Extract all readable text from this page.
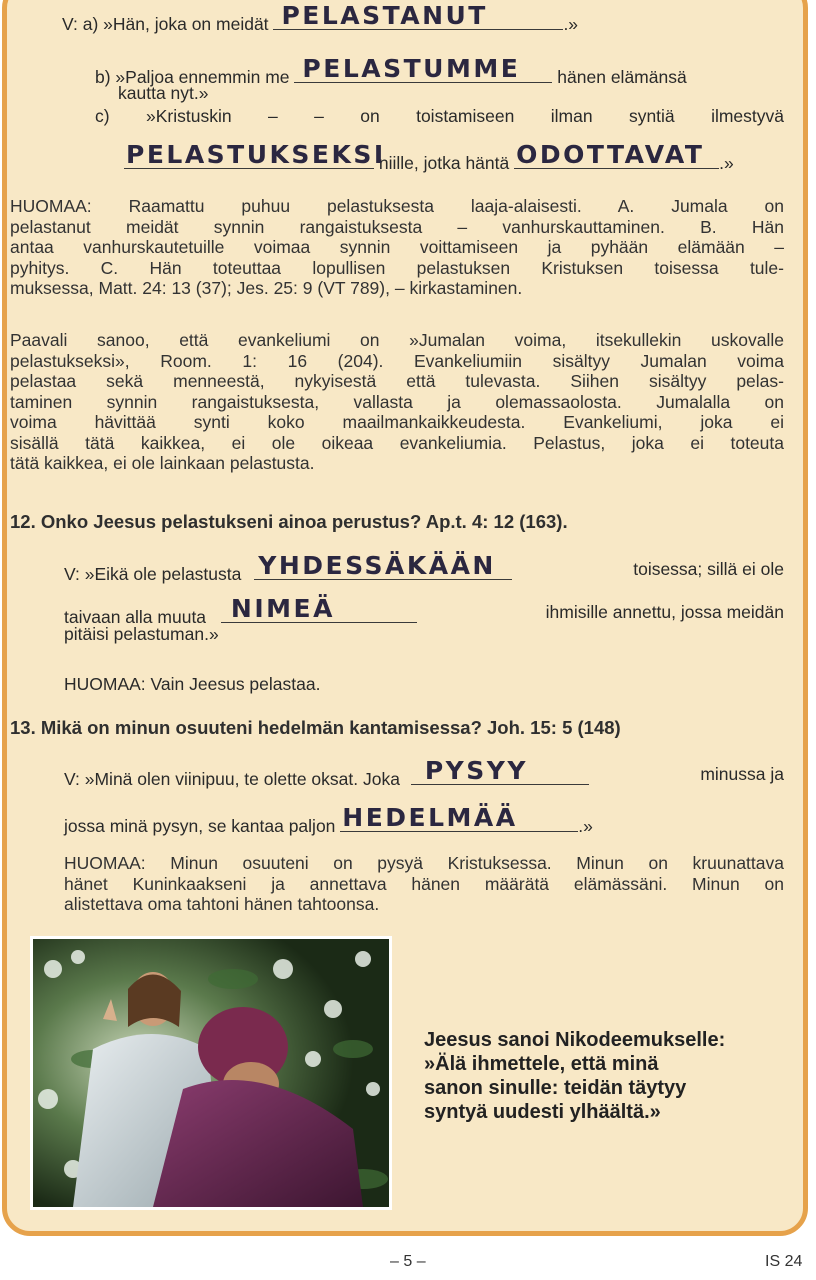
V: a) »Hän, joka on meidät PELASTANUT	.»
b) »Paljoa ennemmin me PELASTUMME hänen elämänsä
kautta nyt.»
c) »Kristuskin – – on toistamiseen ilman syntiä ilmestyvä
PELASTUKSEKSI
niille, jotka häntä ODOTTAVAT .»
HUOMAA: Raamattu puhuu pelastuksesta laaja-alaisesti. A. Jumala on
pelastanut meidät synnin rangaistuksesta – vanhurskauttaminen. B. Hän
antaa vanhurskautetuille voimaa synnin voittamiseen ja pyhään elämään –
pyhitys. C. Hän toteuttaa lopullisen pelastuksen Kristuksen toisessa tule-
muksessa, Matt. 24: 13 (37); Jes. 25: 9 (VT 789), – kirkastaminen.
Paavali sanoo, että evankeliumi on »Jumalan voima, itsekullekin uskovalle
pelastukseksi», Room. 1: 16 (204). Evankeliumiin sisältyy Jumalan voima
pelastaa sekä menneestä, nykyisestä että tulevasta. Siihen sisältyy pelas-
taminen synnin rangaistuksesta, vallasta ja olemassaolosta. Jumalalla on
voima hävittää synti koko maailmankaikkeudesta. Evankeliumi, joka ei
sisällä tätä kaikkea, ei ole oikeaa evankeliumia. Pelastus, joka ei toteuta
tätä kaikkea, ei ole lainkaan pelastusta.
12. Onko Jeesus pelastukseni ainoa perustus? Ap.t. 4: 12 (163).
V: »Eikä ole pelastusta YHDESSÄKÄÄN	toisessa; sillä ei ole
taivaan alla muuta NIMEÄ	ihmisille annettu, jossa meidän
pitäisi pelastuman.»
HUOMAA: Vain Jeesus pelastaa.
13. Mikä on minun osuuteni hedelmän kantamisessa? Joh. 15: 5 (148)
V: »Minä olen viinipuu, te olette oksat. Joka PYSYY	minussa ja
jossa minä pysyn, se kantaa paljon HEDELMÄÄ	.»
HUOMAA: Minun osuuteni on pysyä Kristuksessa. Minun on kruunattava
hänet Kuninkaakseni ja annettava hänen määrätä elämässäni. Minun on
alistettava oma tahtoni hänen tahtoonsa.
Jeesus sanoi Nikodeemukselle:
»Älä ihmettele, että minä
sanon sinulle: teidän täytyy
syntyä uudesti ylhäältä.»
– 5 –	IS 24
